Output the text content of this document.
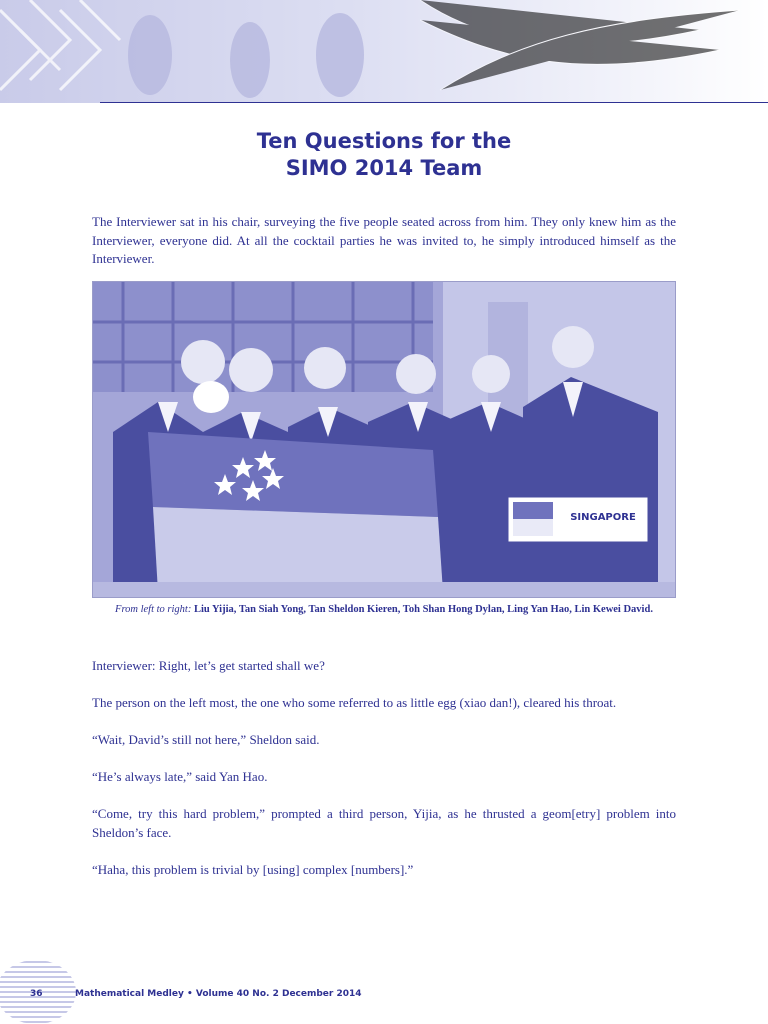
Ten Questions for the
SIMO 2014 Team

The Interviewer sat in his chair, surveying the five people seated across from him. They only knew him as the Interviewer, everyone did. At all the cocktail parties he was invited to, he simply introduced himself as the Interviewer.

SINGAPORE

From left to right: Liu Yijia, Tan Siah Yong, Tan Sheldon Kieren, Toh Shan Hong Dylan, Ling Yan Hao, Lin Kewei David.

Interviewer: Right, let’s get started shall we?

The person on the left most, the one who some referred to as little egg (xiao dan!), cleared his throat.

“Wait, David’s still not here,” Sheldon said.

“He’s always late,” said Yan Hao.

“Come, try this hard problem,” prompted a third person, Yijia, as he thrusted a geom[etry] problem into Sheldon’s face.

“Haha, this problem is trivial by [using] complex [numbers].”

36	Mathematical Medley • Volume 40 No. 2 December 2014
